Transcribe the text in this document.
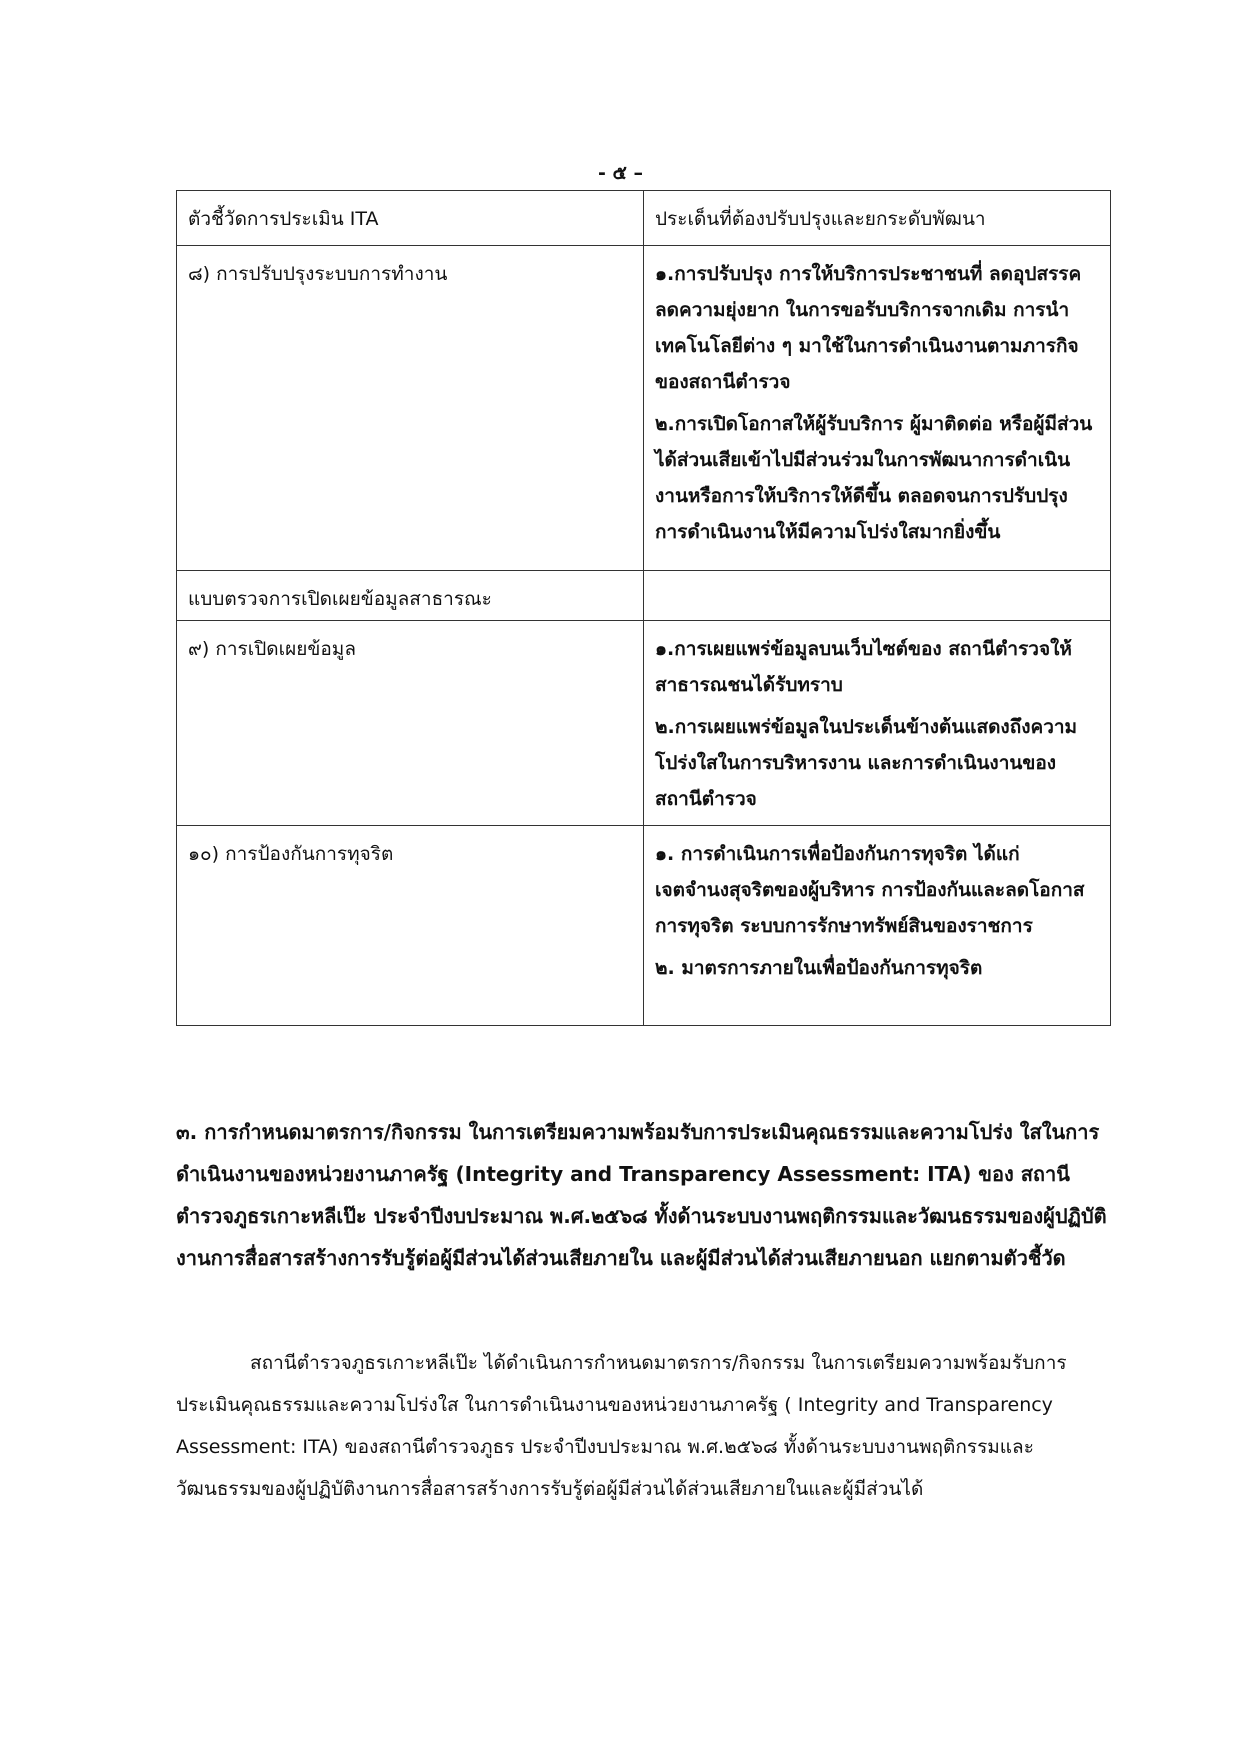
- ๕ –
ตัวชี้วัดการประเมิน ITA	ประเด็นที่ต้องปรับปรุงและยกระดับพัฒนา
๘) การปรับปรุงระบบการทำงาน	๑.การปรับปรุง การให้บริการประชาชนที่ ลดอุปสรรค ลดความยุ่งยาก ในการขอรับบริการจากเดิม การนำ เทคโนโลยีต่าง ๆ มาใช้ในการดำเนินงานตามภารกิจ ของสถานีตำรวจ

๒.การเปิดโอกาสให้ผู้รับบริการ ผู้มาติดต่อ หรือผู้มีส่วนได้ส่วนเสียเข้าไปมีส่วนร่วมในการพัฒนาการดำเนินงานหรือการให้บริการให้ดีขึ้น ตลอดจนการปรับปรุงการดำเนินงานให้มีความโปร่งใสมากยิ่งขึ้น

แบบตรวจการเปิดเผยข้อมูลสาธารณะ	
๙) การเปิดเผยข้อมูล	๑.การเผยแพร่ข้อมูลบนเว็บไซต์ของ สถานีตำรวจให้ สาธารณชนได้รับทราบ

๒.การเผยแพร่ข้อมูลในประเด็นข้างต้นแสดงถึงความ โปร่งใสในการบริหารงาน และการดำเนินงานของ สถานีตำรวจ

๑๐) การป้องกันการทุจริต	๑. การดำเนินการเพื่อป้องกันการทุจริต ได้แก่ เจตจำนงสุจริตของผู้บริหาร การป้องกันและลดโอกาส การทุจริต ระบบการรักษาทรัพย์สินของราชการ

๒. มาตรการภายในเพื่อป้องกันการทุจริต

๓. การกำหนดมาตรการ/กิจกรรม ในการเตรียมความพร้อมรับการประเมินคุณธรรมและความโปร่ง ใสในการดำเนินงานของหน่วยงานภาครัฐ (Integrity and Transparency Assessment: ITA) ของ สถานีตำรวจภูธรเกาะหลีเป๊ะ ประจำปีงบประมาณ พ.ศ.๒๕๖๘ ทั้งด้านระบบงานพฤติกรรมและวัฒนธรรมของผู้ปฏิบัติงานการสื่อสารสร้างการรับรู้ต่อผู้มีส่วนได้ส่วนเสียภายใน และผู้มีส่วนได้ส่วนเสียภายนอก แยกตามตัวชี้วัด

สถานีตำรวจภูธรเกาะหลีเป๊ะ ได้ดำเนินการกำหนดมาตรการ/กิจกรรม ในการเตรียมความพร้อมรับการ ประเมินคุณธรรมและความโปร่งใส ในการดำเนินงานของหน่วยงานภาครัฐ ( Integrity and Transparency Assessment: ITA) ของสถานีตำรวจภูธร ประจำปีงบประมาณ พ.ศ.๒๕๖๘ ทั้งด้านระบบงานพฤติกรรมและ วัฒนธรรมของผู้ปฏิบัติงานการสื่อสารสร้างการรับรู้ต่อผู้มีส่วนได้ส่วนเสียภายในและผู้มีส่วนได้
